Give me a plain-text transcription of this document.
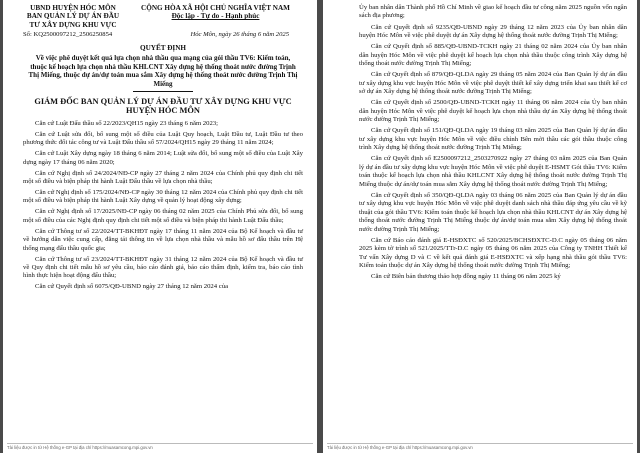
UBND HUYỆN HÓC MÔN
BAN QUẢN LÝ DỰ ÁN ĐẦU
TƯ XÂY DỰNG KHU VỰC
CỘNG HÒA XÃ HỘI CHỦ NGHĨA VIỆT NAM
Độc lập - Tự do - Hạnh phúc
Số: KQ2500097212_2506250854	Hóc Môn, ngày 26 tháng 6 năm 2025
QUYẾT ĐỊNH
Về việc phê duyệt kết quả lựa chọn nhà thầu qua mạng của gói thầu TV6: Kiểm toán, thuộc kế hoạch lựa chọn nhà thầu KHLCNT Xây dựng hệ thống thoát nước đường Trịnh Thị Miếng, thuộc dự án/dự toán mua sắm Xây dựng hệ thống thoát nước đường Trịnh Thị Miếng
GIÁM ĐỐC BAN QUẢN LÝ DỰ ÁN ĐẦU TƯ XÂY DỰNG KHU VỰC HUYỆN HÓC MÔN

Căn cứ Luật Đấu thầu số 22/2023/QH15 ngày 23 tháng 6 năm 2023;

Căn cứ Luật sửa đổi, bổ sung một số điều của Luật Quy hoạch, Luật Đầu tư, Luật Đầu tư theo phương thức đối tác công tư và Luật Đấu thầu số 57/2024/QH15 ngày 29 tháng 11 năm 2024;

Căn cứ Luật Xây dựng ngày 18 tháng 6 năm 2014; Luật sửa đổi, bổ sung một số điều của Luật Xây dựng ngày 17 tháng 06 năm 2020;

Căn cứ Nghị định số 24/2024/NĐ-CP ngày 27 tháng 2 năm 2024 của Chính phủ quy định chi tiết một số điều và biện pháp thi hành Luật Đấu thầu về lựa chọn nhà thầu;

Căn cứ Nghị định số 175/2024/NĐ-CP ngày 30 tháng 12 năm 2024 của Chính phủ quy định chi tiết một số điều và biện pháp thi hành Luật Xây dựng về quản lý hoạt động xây dựng;

Căn cứ Nghị định số 17/2025/NĐ-CP ngày 06 tháng 02 năm 2025 của Chính Phủ sửa đổi, bổ sung một số điều của các Nghị định quy định chi tiết một số điều và biện pháp thi hành Luật Đấu thầu;

Căn cứ Thông tư số 22/2024/TT-BKHĐT ngày 17 tháng 11 năm 2024 của Bộ Kế hoạch và đầu tư về hướng dẫn việc cung cấp, đăng tải thông tin về lựa chọn nhà thầu và mẫu hồ sơ đấu thầu trên Hệ thống mạng đấu thầu quốc gia;

Căn cứ Thông tư số 23/2024/TT-BKHĐT ngày 31 tháng 12 năm 2024 của Bộ Kế hoạch và đầu tư về Quy định chi tiết mẫu hồ sơ yêu cầu, báo cáo đánh giá, báo cáo thẩm định, kiểm tra, báo cáo tình hình thực hiện hoạt động đấu thầu;

Căn cứ Quyết định số 6075/QĐ-UBND ngày 27 tháng 12 năm 2024 của

Tài liệu được in từ Hệ thống e-GP tại địa chỉ https://muasamcong.mpi.gov.vn

Ủy ban nhân dân Thành phố Hồ Chí Minh về giao kế hoạch đầu tư công năm 2025 nguồn vốn ngân sách địa phương;

Căn cứ Quyết định số 9235/QĐ-UBND ngày 29 tháng 12 năm 2023 của Ủy ban nhân dân huyện Hóc Môn về việc phê duyệt dự án Xây dựng hệ thống thoát nước đường Trịnh Thị Miếng;

Căn cứ Quyết định số 885/QĐ-UBND-TCKH ngày 21 tháng 02 năm 2024 của Ủy ban nhân dân huyện Hóc Môn về việc phê duyệt kế hoạch lựa chọn nhà thầu thuộc công trình Xây dựng hệ thống thoát nước đường Trịnh Thị Miếng;

Căn cứ Quyết định số 879/QĐ-QLDA ngày 29 tháng 05 năm 2024 của Ban Quản lý dự án đầu tư xây dựng khu vực huyện Hóc Môn về việc phê duyệt thiết kế xây dựng triển khai sau thiết kế cơ sở dự án Xây dựng hệ thống thoát nước đường Trịnh Thị Miếng;

Căn cứ Quyết định số 2500/QĐ-UBND-TCKH ngày 11 tháng 06 năm 2024 của Ủy ban nhân dân huyện Hóc Môn về việc phê duyệt kế hoạch lựa chọn nhà thầu dự án Xây dựng hệ thống thoát nước đường Trịnh Thị Miếng;

Căn cứ Quyết định số 151/QĐ-QLDA ngày 19 tháng 03 năm 2025 của Ban Quản lý dự án đầu tư xây dựng khu vực huyện Hóc Môn về việc điều chỉnh Bên mời thầu các gói thầu thuộc công trình Xây dựng hệ thống thoát nước đường Trịnh Thị Miếng;

Căn cứ Quyết định số E2500097212_2503270922 ngày 27 tháng 03 năm 2025 của Ban Quản lý dự án đầu tư xây dựng khu vực huyện Hóc Môn về việc phê duyệt E-HSMT Gói thầu TV6: Kiểm toán thuộc kế hoạch lựa chọn nhà thầu KHLCNT Xây dựng hệ thống thoát nước đường Trịnh Thị Miếng thuộc dự án/dự toán mua sắm Xây dựng hệ thống thoát nước đường Trịnh Thị Miếng;

Căn cứ Quyết định số 350/QĐ-QLDA ngày 03 tháng 06 năm 2025 của Ban Quản lý dự án đầu tư xây dựng khu vực huyện Hóc Môn về việc phê duyệt danh sách nhà thầu đáp ứng yêu cầu về kỹ thuật của gói thầu TV6: Kiểm toán thuộc kế hoạch lựa chọn nhà thầu KHLCNT dự án Xây dựng hệ thống thoát nước đường Trịnh Thị Miếng thuộc dự án/dự toán mua sắm Xây dựng hệ thống thoát nước đường Trịnh Thị Miếng;

Căn cứ Báo cáo đánh giá E-HSĐXTC số 520/2025/BCHSĐXTC-D.C ngày 05 tháng 06 năm 2025 kèm tờ trình số 521/2025/TTr-D.C ngày 05 tháng 06 năm 2025 của Công ty TNHH Thiết kế Tư vấn Xây dựng D và C về kết quả đánh giá E-HSĐXTC và xếp hạng nhà thầu gói thầu TV6: Kiểm toán thuộc dự án Xây dựng hệ thống thoát nước đường Trịnh Thị Miếng;

Căn cứ Biên bản thương thảo hợp đồng ngày 11 tháng 06 năm 2025 ký

Tài liệu được in từ Hệ thống e-GP tại địa chỉ https://muasamcong.mpi.gov.vn
